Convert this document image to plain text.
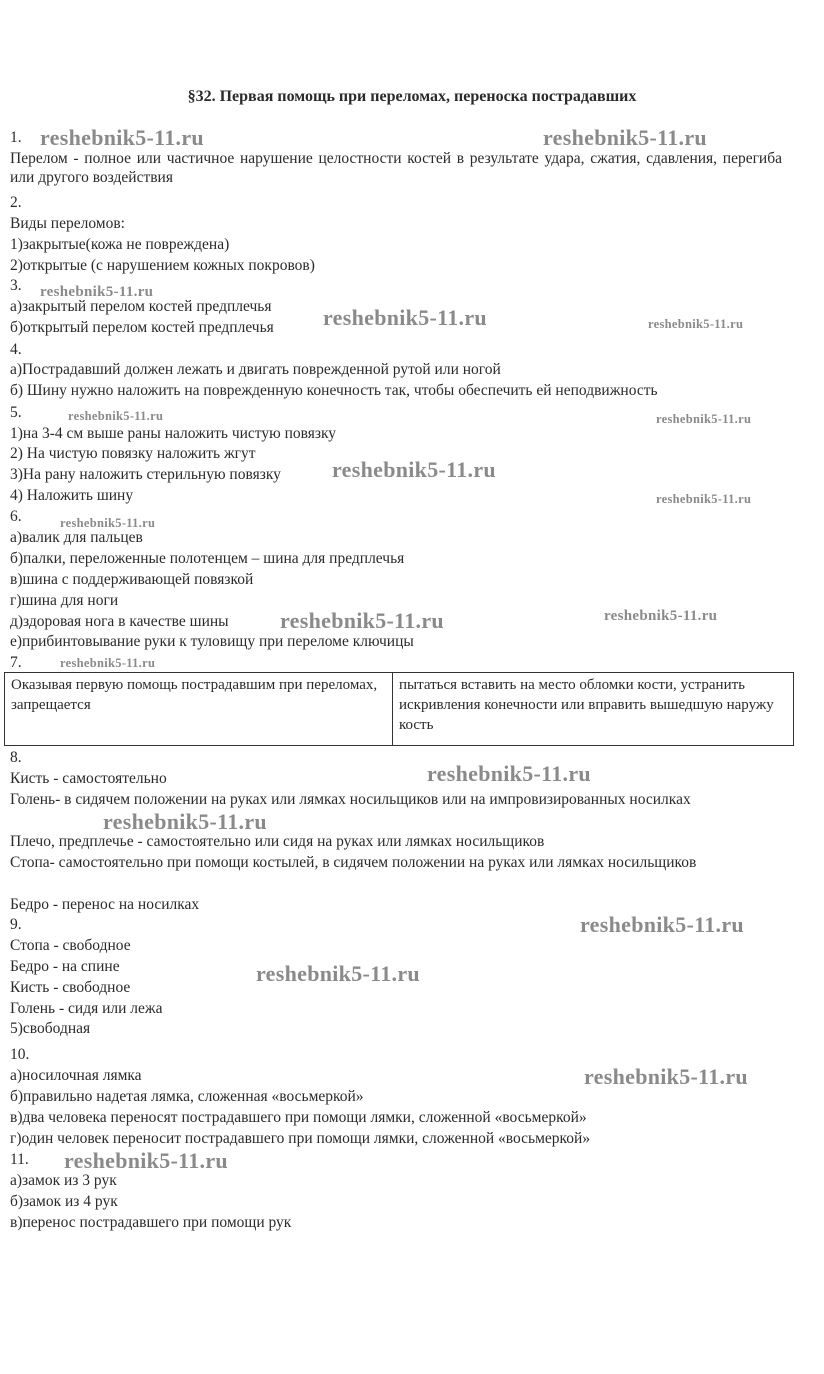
§32. Первая помощь при переломах, переноска пострадавших
1.
Перелом - полное или частичное нарушение целостности костей в результате удара, сжатия, сдавления, перегиба или другого воздействия
2.
Виды переломов:
1)закрытые(кожа не повреждена)
2)открытые (с нарушением кожных покровов)
3.
а)закрытый перелом костей предплечья
б)открытый перелом костей предплечья
4.
а)Пострадавший должен лежать и двигать поврежденной рутой или ногой
б) Шину нужно наложить на поврежденную конечность так, чтобы обеспечить ей неподвижность
5.
1)на 3-4 см выше раны наложить чистую повязку
2) На чистую повязку наложить жгут
3)На рану наложить стерильную повязку
4) Наложить шину
6.
а)валик для пальцев
б)палки, переложенные полотенцем – шина для предплечья
в)шина с поддерживающей повязкой
г)шина для ноги
д)здоровая нога в качестве шины
е)прибинтовывание руки к туловищу при переломе ключицы
7.
Оказывая первую помощь пострадавшим при переломах, запрещается	пытаться вставить на место обломки кости, устранить искривления конечности или вправить вышедшую наружу кость
8.
Кисть - самостоятельно
Голень- в сидячем положении на руках или лямках носильщиков или на импровизированных носилках
Плечо, предплечье - самостоятельно или сидя на руках или лямках носильщиков
Стопа- самостоятельно при помощи костылей, в сидячем положении на руках или лямках носильщиков
Бедро - перенос на носилках
9.
Стопа - свободное
Бедро - на спине
Кисть - свободное
Голень - сидя или лежа
5)свободная
10.
а)носилочная лямка
б)правильно надетая лямка, сложенная «восьмеркой»
в)два человека переносят пострадавшего при помощи лямки, сложенной «восьмеркой»
г)один человек переносит пострадавшего при помощи лямки, сложенной «восьмеркой»
11.
а)замок из 3 рук
б)замок из 4 рук
в)перенос пострадавшего при помощи рук
reshebnik5-11.ru	reshebnik5-11.ru
reshebnik5-11.ru
reshebnik5-11.ru	reshebnik5-11.ru
reshebnik5-11.ru	reshebnik5-11.ru
reshebnik5-11.ru
reshebnik5-11.ru
reshebnik5-11.ru
reshebnik5-11.ru	reshebnik5-11.ru
reshebnik5-11.ru
reshebnik5-11.ru
reshebnik5-11.ru
reshebnik5-11.ru
reshebnik5-11.ru
reshebnik5-11.ru
reshebnik5-11.ru
